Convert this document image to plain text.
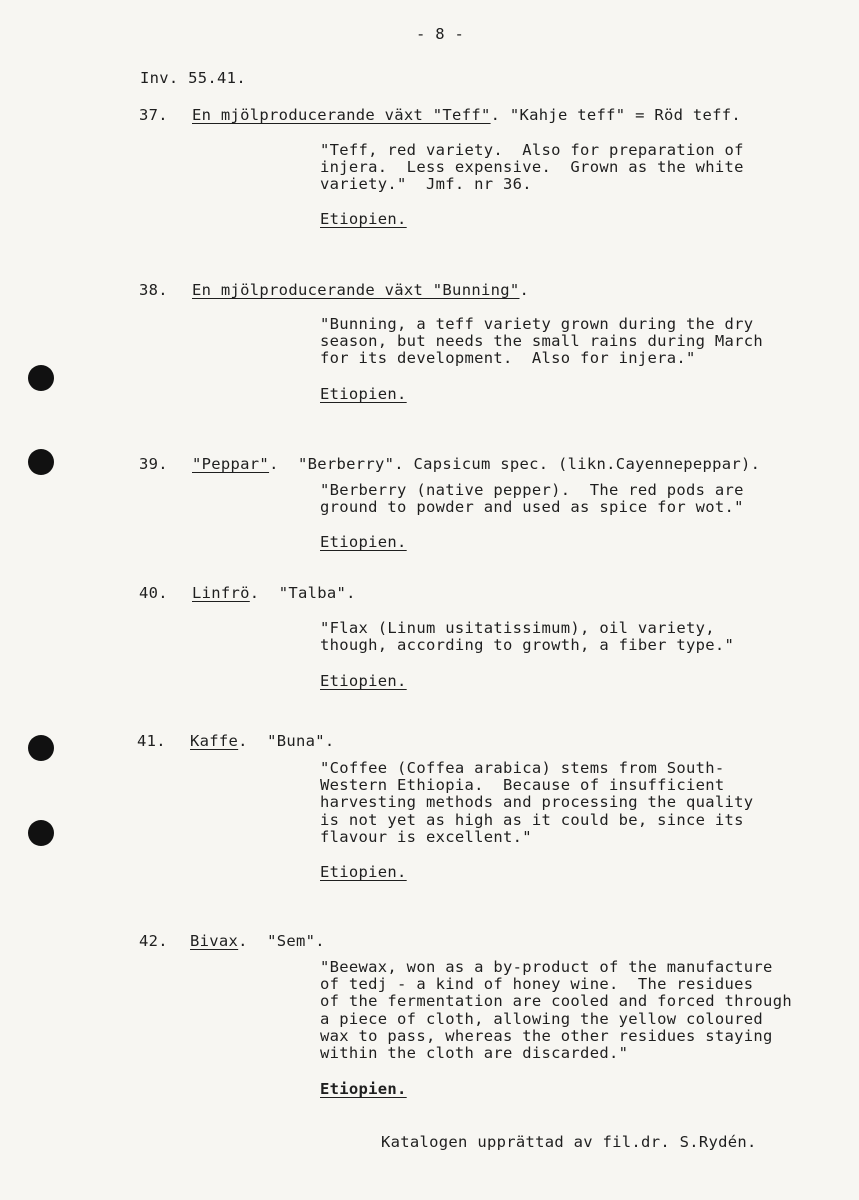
- 8 -
Inv. 55.41.
37. En mjölproducerande växt "Teff". "Kahje teff" = Röd teff.
"Teff, red variety.  Also for preparation of
injera.  Less expensive.  Grown as the white
variety."  Jmf. nr 36.
Etiopien.
38. En mjölproducerande växt "Bunning".
"Bunning, a teff variety grown during the dry
season, but needs the small rains during March
for its development.  Also for injera."
Etiopien.
39. "Peppar".  "Berberry". Capsicum spec. (likn.Cayennepeppar).
"Berberry (native pepper).  The red pods are
ground to powder and used as spice for wot."
Etiopien.
40. Linfrö.  "Talba".
"Flax (Linum usitatissimum), oil variety,
though, according to growth, a fiber type."
Etiopien.
41. Kaffe.  "Buna".
"Coffee (Coffea arabica) stems from South-
Western Ethiopia.  Because of insufficient
harvesting methods and processing the quality
is not yet as high as it could be, since its
flavour is excellent."
Etiopien.
42. Bivax.  "Sem".
"Beewax, won as a by-product of the manufacture
of tedj - a kind of honey wine.  The residues
of the fermentation are cooled and forced through
a piece of cloth, allowing the yellow coloured
wax to pass, whereas the other residues staying
within the cloth are discarded."
Etiopien.
Katalogen upprättad av fil.dr. S.Rydén.
